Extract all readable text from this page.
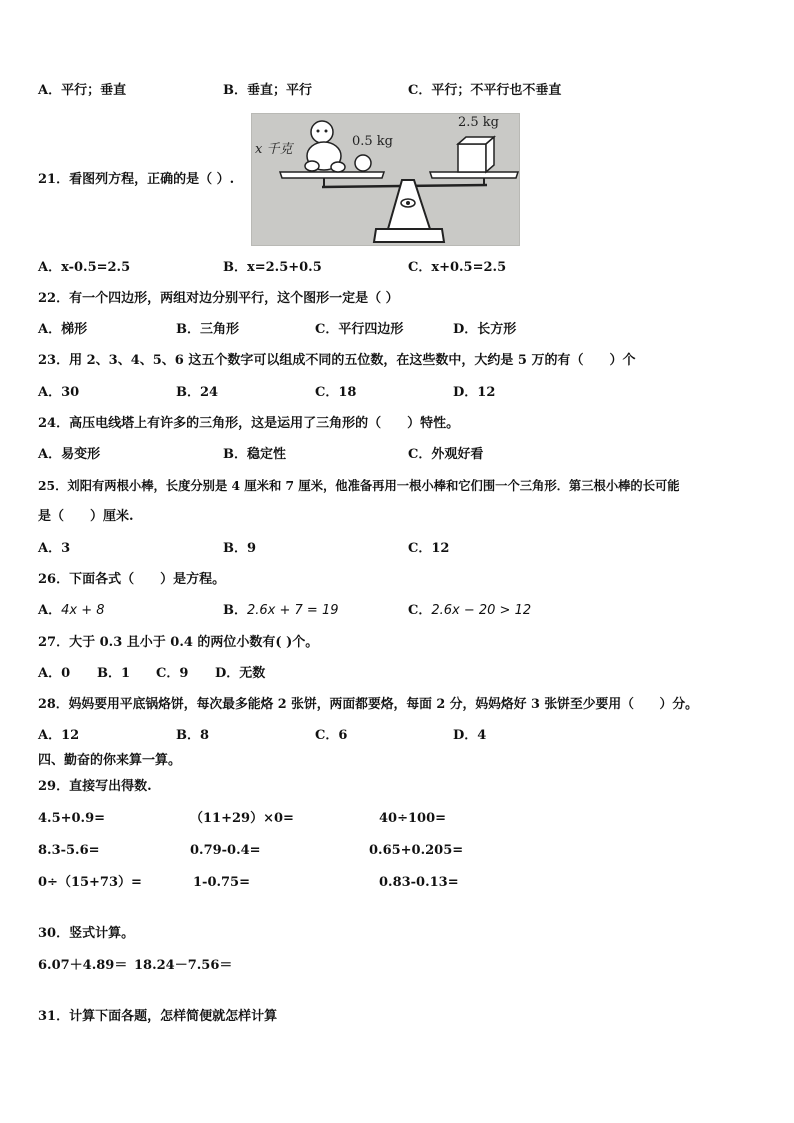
A．平行；垂直	B．垂直；平行	C．平行；不平行也不垂直
21．看图列方程，正确的是（ ）.
x 千克
0.5 kg
2.5 kg
A．x-0.5=2.5	B．x=2.5+0.5	C．x+0.5=2.5
22．有一个四边形，两组对边分别平行，这个图形一定是（ ）
A．梯形	B．三角形	C．平行四边形	D．长方形
23．用 2、3、4、5、6 这五个数字可以组成不同的五位数，在这些数中，大约是 5 万的有（　　）个
A．30	B．24	C．18	D．12
24．高压电线塔上有许多的三角形，这是运用了三角形的（　　）特性。
A．易变形	B．稳定性	C．外观好看
25．刘阳有两根小棒，长度分别是 4 厘米和 7 厘米，他准备再用一根小棒和它们围一个三角形．第三根小棒的长可能
是（　　）厘米.
A．3	B．9	C．12
26．下面各式（　　）是方程。
A．4x + 8	B．2.6x + 7 = 19	C．2.6x − 20 > 12
27．大于 0.3 且小于 0.4 的两位小数有( )个。
A．0 B．1 C．9 D．无数
28．妈妈要用平底锅烙饼，每次最多能烙 2 张饼，两面都要烙，每面 2 分，妈妈烙好 3 张饼至少要用（　　）分。
A．12	B．8	C．6	D．4
四、勤奋的你来算一算。
29．直接写出得数.
4.5+0.9=	（11+29）×0=	40÷100=
8.3-5.6=	0.79-0.4=	0.65+0.205=
0÷（15+73）=	1-0.75=	0.83-0.13=
30．竖式计算。
6.07＋4.89＝ 18.24－7.56＝
31．计算下面各题，怎样简便就怎样计算
